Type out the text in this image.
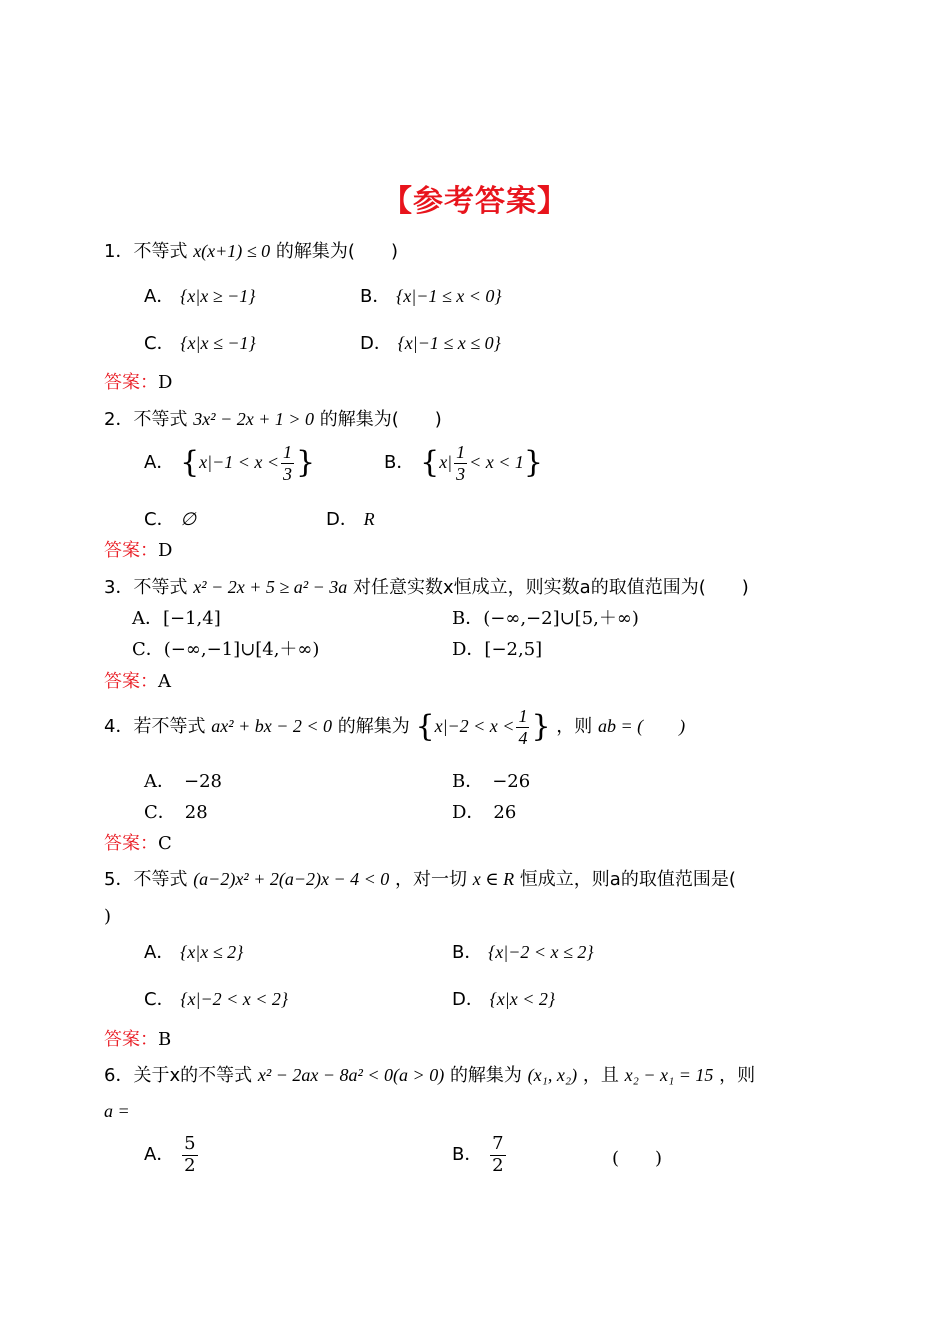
【参考答案】
1．不等式 x(x+1) ≤ 0 的解集为(　　)
A． {x|x ≥ −1}	B． {x|−1 ≤ x < 0}
C． {x|x ≤ −1}	D． {x|−1 ≤ x ≤ 0}
答案：D
2．不等式 3x² − 2x + 1 > 0 的解集为(　　)
A． {$x|-1 < x < \frac{1}{3}$ }	B． $\{x| \frac{1}{3} < x < 1\}$
C． ∅	D． R
答案：D
3．不等式 x² − 2x + 5 ≥ a² − 3a 对任意实数x恒成立，则实数a的取值范围为(　　)
A．[−1,4]	B．(−∞,−2]∪[5,＋∞)
C．(−∞,−1]∪[4,＋∞)	D．[−2,5]
答案：A
4．若不等式 ax² + bx − 2 < 0 的解集为 {$x|-2 < x < \frac{1}{4}$ } ，则 ab = (　　)
A．　−28	B．　−26
C．　28	D．　26
答案：C
5．不等式 (a−2)x² + 2(a−2)x − 4 < 0 ，对一切 x ∈ R 恒成立，则a的取值范围是(
)
A． {x|x ≤ 2}	B． {x|−2 < x ≤ 2}
C． {x|−2 < x < 2}	D． {x|x < 2}
答案：B
6．关于x的不等式 x² − 2ax − 8a² < 0(a > 0) 的解集为 (x₁, x₂) ，且 x₂ − x₁ = 15 ，则
a =
A． $\frac{5}{2}$	B． $\frac{7}{2}$	(　　)
